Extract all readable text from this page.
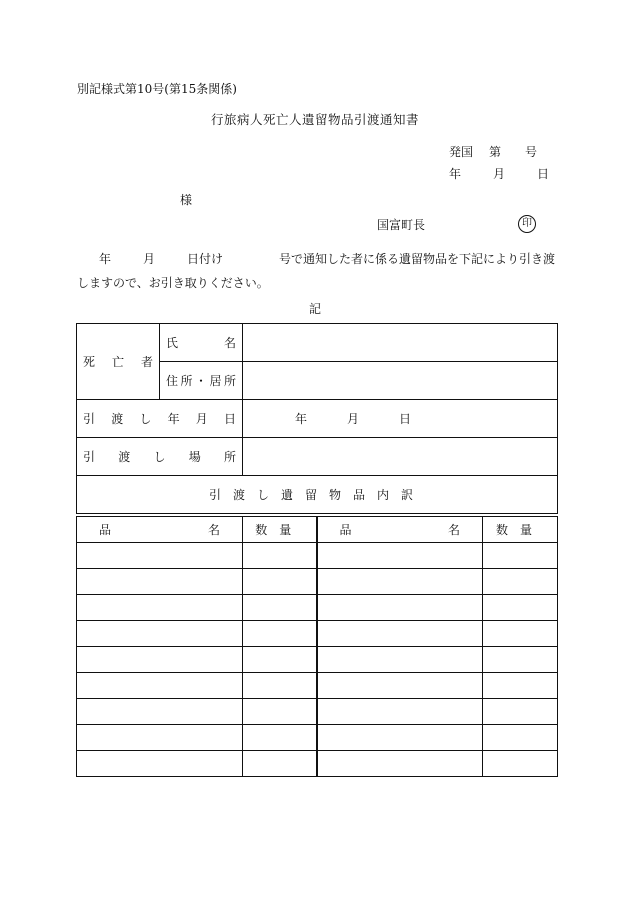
別記様式第10号(第15条関係)
行旅病人死亡人遺留物品引渡通知書
発国 第 号
年	月	日
様
国富町長	印
年	月	日付け	号で通知した者に係る遺留物品を下記により引き渡しますので、お引き取りください。
記
死亡者	氏名	
	住所・居所	
引渡し年月日		年 月 日
引渡し場所		
引渡し遺留物品内訳		
品 名	数量	品 名	数量
